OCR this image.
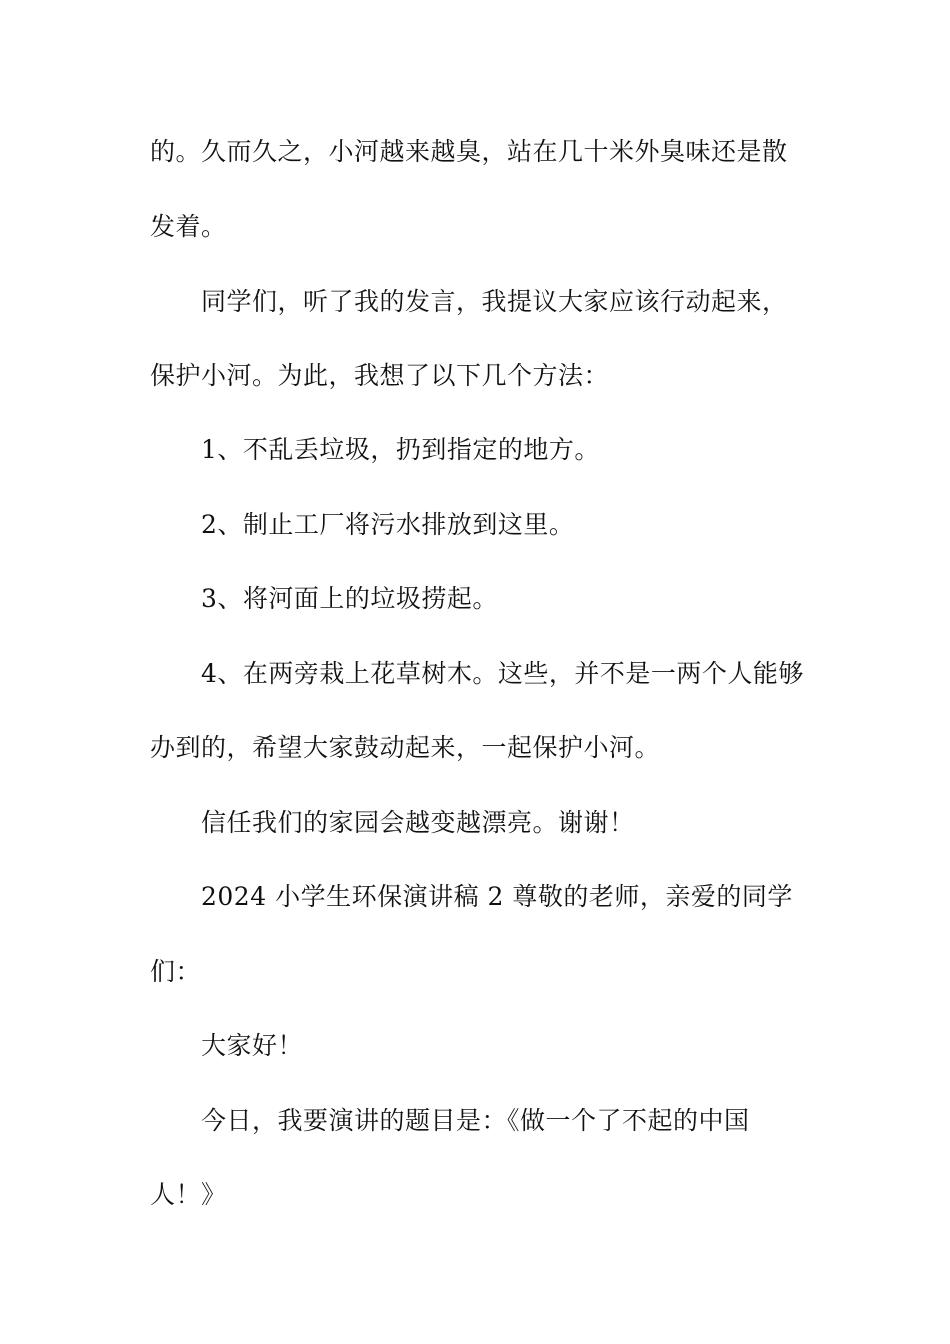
的。久而久之，小河越来越臭，站在几十米外臭味还是散
发着。
同学们，听了我的发言，我提议大家应该行动起来，
保护小河。为此，我想了以下几个方法：
1、不乱丢垃圾，扔到指定的地方。
2、制止工厂将污水排放到这里。
3、将河面上的垃圾捞起。
4、在两旁栽上花草树木。这些，并不是一两个人能够
办到的，希望大家鼓动起来，一起保护小河。
信任我们的家园会越变越漂亮。谢谢！
2024 小学生环保演讲稿 2 尊敬的老师，亲爱的同学
们：
大家好！
今日，我要演讲的题目是：《做一个了不起的中国
人！》
